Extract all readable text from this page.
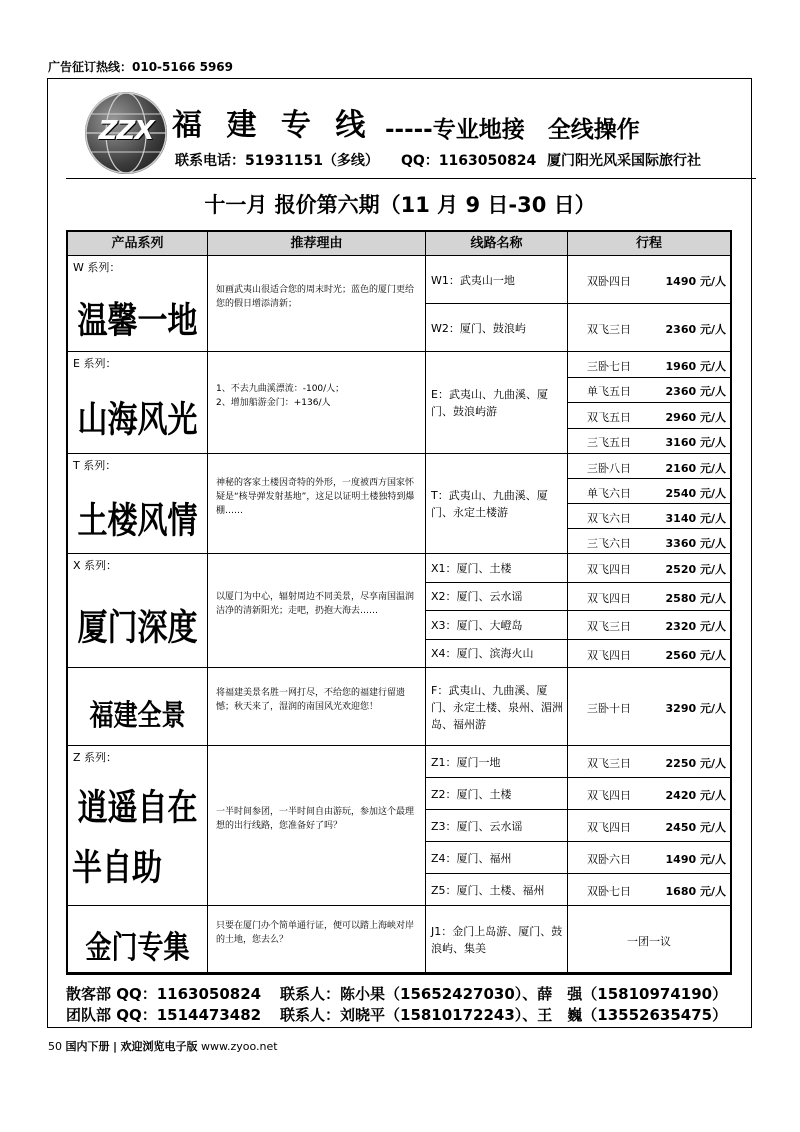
广告征订热线：010-5166 5969
ZZX 福 建 专 线 -----专业地接　全线操作
联系电话：51931151（多线） QQ：1163050824 厦门阳光风采国际旅行社
十一月 报价第六期（11 月 9 日-30 日）
产品系列	推荐理由	线路名称	行程
W 系列：
温馨一地
如画武夷山很适合您的周末时光；蓝色的厦门更给您的假日增添清新；
W1：武夷山一地	双卧四日	1490 元/人
W2：厦门、鼓浪屿	双飞三日	2360 元/人
E 系列：
山海风光
1、不去九曲溪漂流：-100/人；
2、增加船游金门：+136/人
E：武夷山、九曲溪、厦门、鼓浪屿游
三卧七日	1960 元/人
单飞五日	2360 元/人
双飞五日	2960 元/人
三飞五日	3160 元/人
T 系列：
土楼风情
神秘的客家土楼因奇特的外形，一度被西方国家怀疑是“核导弹发射基地”，这足以证明土楼独特到爆棚……
T：武夷山、九曲溪、厦门、永定土楼游
三卧八日	2160 元/人
单飞六日	2540 元/人
双飞六日	3140 元/人
三飞六日	3360 元/人
X 系列：
厦门深度
以厦门为中心，辐射周边不同美景，尽享南国温润洁净的清新阳光；走吧，扔抱大海去……
X1：厦门、土楼	双飞四日	2520 元/人
X2：厦门、云水谣	双飞四日	2580 元/人
X3：厦门、大嶝岛	双飞三日	2320 元/人
X4：厦门、滨海火山	双飞四日	2560 元/人
福建全景
将福建美景名胜一网打尽，不给您的福建行留遗憾；秋天来了，湿润的南国风光欢迎您！
F：武夷山、九曲溪、厦门、永定土楼、泉州、湄洲岛、福州游
三卧十日	3290 元/人
Z 系列：
逍遥自在
半自助
一半时间参团，一半时间自由游玩，参加这个最理想的出行线路，您准备好了吗？
Z1：厦门一地	双飞三日	2250 元/人
Z2：厦门、土楼	双飞四日	2420 元/人
Z3：厦门、云水谣	双飞四日	2450 元/人
Z4：厦门、福州	双卧六日	1490 元/人
Z5：厦门、土楼、福州	双卧七日	1680 元/人
金门专集
只要在厦门办个简单通行证，便可以踏上海峡对岸的土地，您去么？
J1：金门上岛游、厦门、鼓浪屿、集美
一团一议
散客部 QQ：1163050824 联系人：陈小果（15652427030）、薛　强（15810974190）
团队部 QQ：1514473482 联系人：刘晓平（15810172243）、王　巍（13552635475）
50 国内下册 | 欢迎浏览电子版 www.zyoo.net
